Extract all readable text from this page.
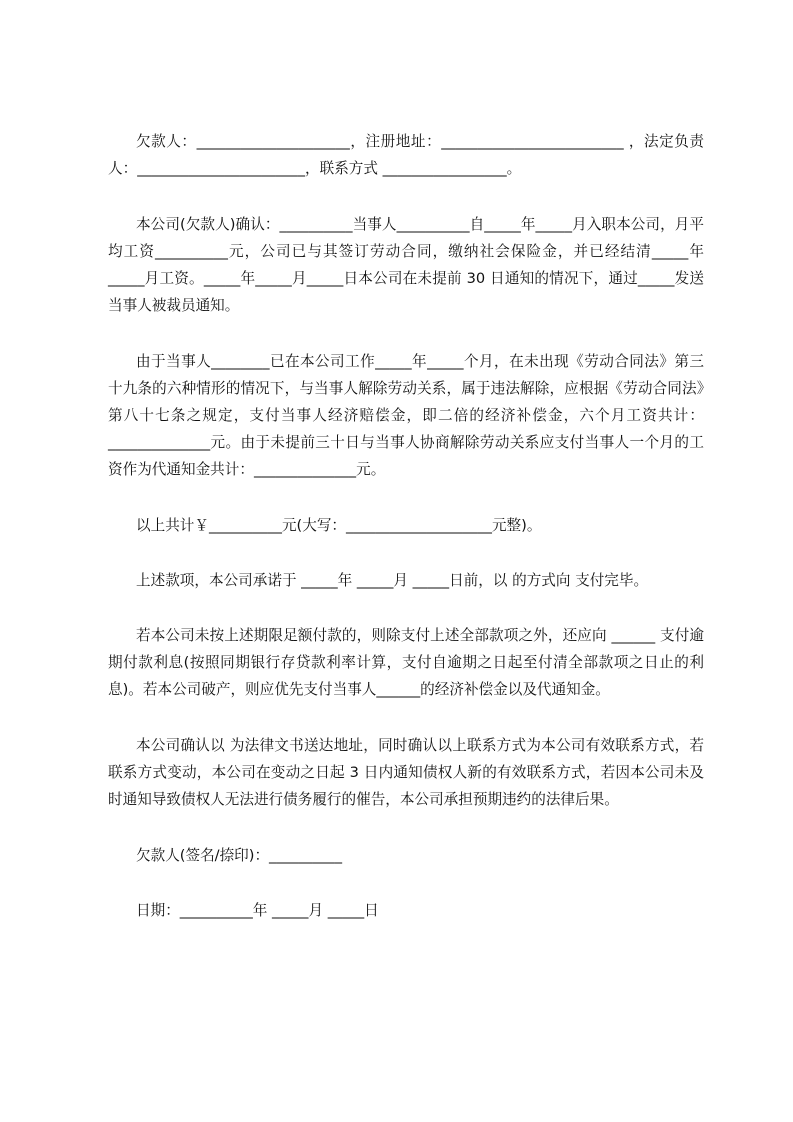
欠款人：_____________________，注册地址：_________________________ ，法定负责人：_______________________，联系方式 _________________。

本公司(欠款人)确认：__________当事人__________自_____年_____月入职本公司，月平均工资__________元，公司已与其签订劳动合同，缴纳社会保险金，并已经结清_____年_____月工资。_____年_____月_____日本公司在未提前 30 日通知的情况下，通过_____发送当事人被裁员通知。

由于当事人________已在本公司工作_____年_____个月，在未出现《劳动合同法》第三十九条的六种情形的情况下，与当事人解除劳动关系，属于违法解除，应根据《劳动合同法》第八十七条之规定，支付当事人经济赔偿金，即二倍的经济补偿金，六个月工资共计：______________元。由于未提前三十日与当事人协商解除劳动关系应支付当事人一个月的工资作为代通知金共计：______________元。

以上共计￥__________元(大写：____________________元整)。

上述款项，本公司承诺于 _____年 _____月 _____日前，以 的方式向 支付完毕。

若本公司未按上述期限足额付款的，则除支付上述全部款项之外，还应向 ______ 支付逾期付款利息(按照同期银行存贷款利率计算，支付自逾期之日起至付清全部款项之日止的利息)。若本公司破产，则应优先支付当事人______的经济补偿金以及代通知金。

本公司确认以 为法律文书送达地址，同时确认以上联系方式为本公司有效联系方式，若联系方式变动，本公司在变动之日起 3 日内通知债权人新的有效联系方式，若因本公司未及时通知导致债权人无法进行债务履行的催告，本公司承担预期违约的法律后果。

欠款人(签名/捺印)：__________

日期：__________年 _____月 _____日
